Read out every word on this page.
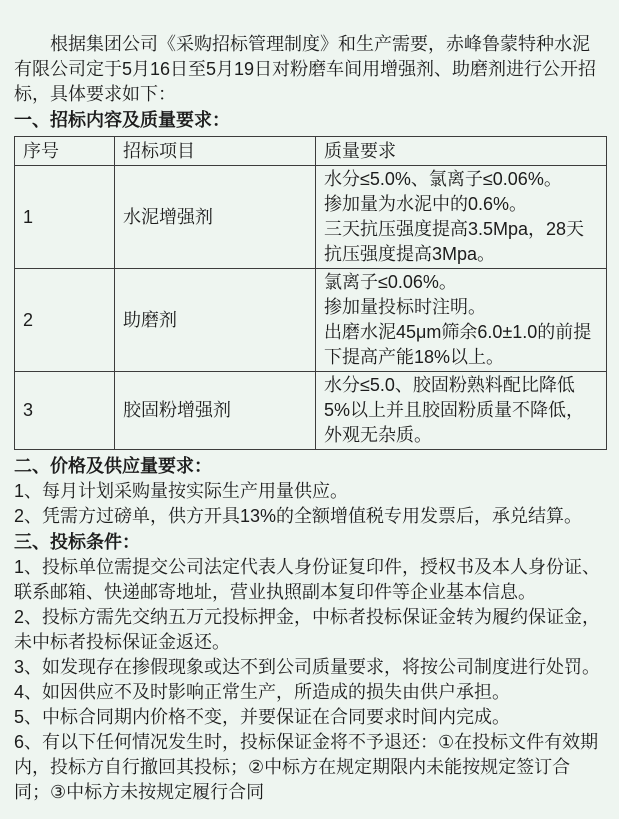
根据集团公司《采购招标管理制度》和生产需要，赤峰鲁蒙特种水泥有限公司定于5月16日至5月19日对粉磨车间用增强剂、助磨剂进行公开招标，具体要求如下：

一、招标内容及质量要求：
序号	招标项目	质量要求
1	水泥增强剂	水分≤5.0%、氯离子≤0.06%。

掺加量为水泥中的0.6%。

三天抗压强度提高3.5Mpa，28天抗压强度提高3Mpa。

2	助磨剂	氯离子≤0.06%。

掺加量投标时注明。

出磨水泥45μm筛余6.0±1.0的前提下提高产能18%以上。

3	胶固粉增强剂	水分≤5.0、胶固粉熟料配比降低5%以上并且胶固粉质量不降低，外观无杂质。

二、价格及供应量要求：

1、每月计划采购量按实际生产用量供应。

2、凭需方过磅单，供方开具13%的全额增值税专用发票后，承兑结算。

三、投标条件：

1、投标单位需提交公司法定代表人身份证复印件，授权书及本人身份证、联系邮箱、快递邮寄地址，营业执照副本复印件等企业基本信息。

2、投标方需先交纳五万元投标押金，中标者投标保证金转为履约保证金，未中标者投标保证金返还。

3、如发现存在掺假现象或达不到公司质量要求，将按公司制度进行处罚。

4、如因供应不及时影响正常生产，所造成的损失由供户承担。

5、中标合同期内价格不变，并要保证在合同要求时间内完成。

6、有以下任何情况发生时，投标保证金将不予退还：①在投标文件有效期内，投标方自行撤回其投标；②中标方在规定期限内未能按规定签订合同；③中标方未按规定履行合同
